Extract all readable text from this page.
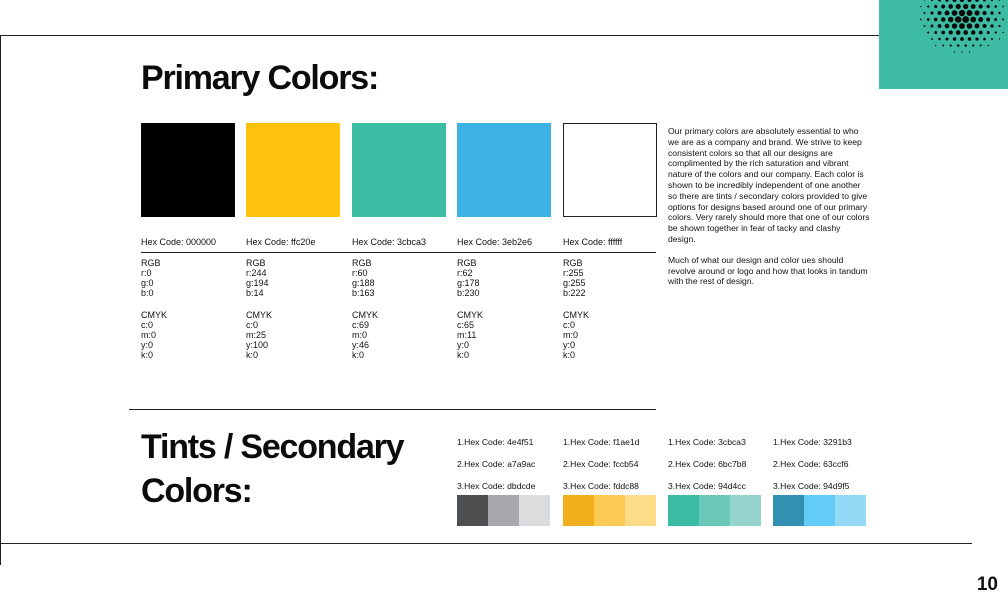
Primary Colors:
Tints / Secondary
Colors:
Hex Code: 000000
RGB
r:0
g:0
b:0
CMYK
c:0
m:0
y:0
k:0
Hex Code: ffc20e
RGB
r:244
g:194
b:14
CMYK
c:0
m:25
y:100
k:0
Hex Code: 3cbca3
RGB
r:60
g:188
b:163
CMYK
c:69
m:0
y:46
k:0
Hex Code: 3eb2e6
RGB
r:62
g:178
b:230
CMYK
c:65
m:11
y:0
k:0
Hex Code: ffffff
RGB
r:255
g:255
b:222
CMYK
c:0
m:0
y:0
k:0

Our primary colors are absolutely essential to who we are as a company and brand. We strive to keep consistent colors so that all our designs are complimented by the rich saturation and vibrant nature of the colors and our company. Each color is shown to be incredibly independent of one another so there are tints / secondary colors provided to give options for designs based around one of our primary colors. Very rarely should more that one of our colors be shown together in fear of tacky and clashy design.

Much of what our design and color ues should revolve around or logo and how that looks in tandum with the rest of design.

1.Hex Code: 4e4f51
2.Hex Code: a7a9ac
3.Hex Code: dbdcde
1.Hex Code: f1ae1d
2.Hex Code: fccb54
3.Hex Code: fddc88
1.Hex Code: 3cbca3
2.Hex Code: 6bc7b8
3.Hex Code: 94d4cc
1.Hex Code: 3291b3
2.Hex Code: 63ccf6
3.Hex Code: 94d9f5
10
